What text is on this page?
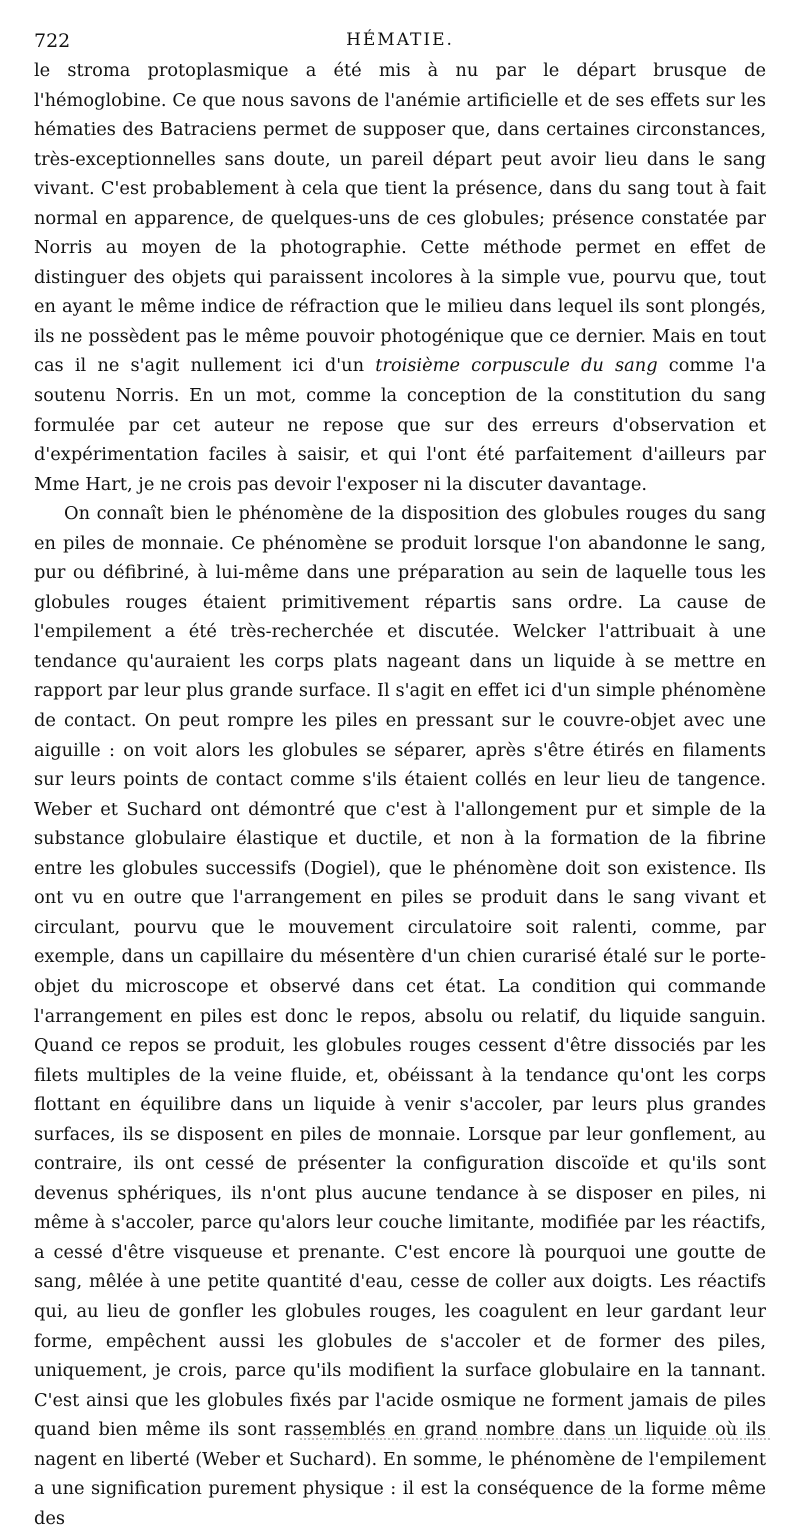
722	HÉMATIE.

le stroma protoplasmique a été mis à nu par le départ brusque de l'hémoglobine. Ce que nous savons de l'anémie artificielle et de ses effets sur les hématies des Batraciens permet de supposer que, dans certaines circonstances, très-exceptionnelles sans doute, un pareil départ peut avoir lieu dans le sang vivant. C'est probablement à cela que tient la présence, dans du sang tout à fait normal en apparence, de quelques-uns de ces globules; présence constatée par Norris au moyen de la photographie. Cette méthode permet en effet de distinguer des objets qui paraissent incolores à la simple vue, pourvu que, tout en ayant le même indice de réfraction que le milieu dans lequel ils sont plongés, ils ne possèdent pas le même pouvoir photogénique que ce dernier. Mais en tout cas il ne s'agit nullement ici d'un troisième corpuscule du sang comme l'a soutenu Norris. En un mot, comme la conception de la constitution du sang formulée par cet auteur ne repose que sur des erreurs d'observation et d'expérimentation faciles à saisir, et qui l'ont été parfaitement d'ailleurs par Mme Hart, je ne crois pas devoir l'exposer ni la discuter davantage.

On connaît bien le phénomène de la disposition des globules rouges du sang en piles de monnaie. Ce phénomène se produit lorsque l'on abandonne le sang, pur ou défibriné, à lui-même dans une préparation au sein de laquelle tous les globules rouges étaient primitivement répartis sans ordre. La cause de l'empilement a été très-recherchée et discutée. Welcker l'attribuait à une tendance qu'auraient les corps plats nageant dans un liquide à se mettre en rapport par leur plus grande surface. Il s'agit en effet ici d'un simple phénomène de contact. On peut rompre les piles en pressant sur le couvre-objet avec une aiguille : on voit alors les globules se séparer, après s'être étirés en filaments sur leurs points de contact comme s'ils étaient collés en leur lieu de tangence. Weber et Suchard ont démontré que c'est à l'allongement pur et simple de la substance globulaire élastique et ductile, et non à la formation de la fibrine entre les globules successifs (Dogiel), que le phénomène doit son existence. Ils ont vu en outre que l'arrangement en piles se produit dans le sang vivant et circulant, pourvu que le mouvement circulatoire soit ralenti, comme, par exemple, dans un capillaire du mésentère d'un chien curarisé étalé sur le porte-objet du microscope et observé dans cet état. La condition qui commande l'arrangement en piles est donc le repos, absolu ou relatif, du liquide sanguin. Quand ce repos se produit, les globules rouges cessent d'être dissociés par les filets multiples de la veine fluide, et, obéissant à la tendance qu'ont les corps flottant en équilibre dans un liquide à venir s'accoler, par leurs plus grandes surfaces, ils se disposent en piles de monnaie. Lorsque par leur gonflement, au contraire, ils ont cessé de présenter la configuration discoïde et qu'ils sont devenus sphériques, ils n'ont plus aucune tendance à se disposer en piles, ni même à s'accoler, parce qu'alors leur couche limitante, modifiée par les réactifs, a cessé d'être visqueuse et prenante. C'est encore là pourquoi une goutte de sang, mêlée à une petite quantité d'eau, cesse de coller aux doigts. Les réactifs qui, au lieu de gonfler les globules rouges, les coagulent en leur gardant leur forme, empêchent aussi les globules de s'accoler et de former des piles, uniquement, je crois, parce qu'ils modifient la surface globulaire en la tannant. C'est ainsi que les globules fixés par l'acide osmique ne forment jamais de piles quand bien même ils sont rassemblés en grand nombre dans un liquide où ils nagent en liberté (Weber et Suchard). En somme, le phénomène de l'empilement a une signification purement physique : il est la conséquence de la forme même des
